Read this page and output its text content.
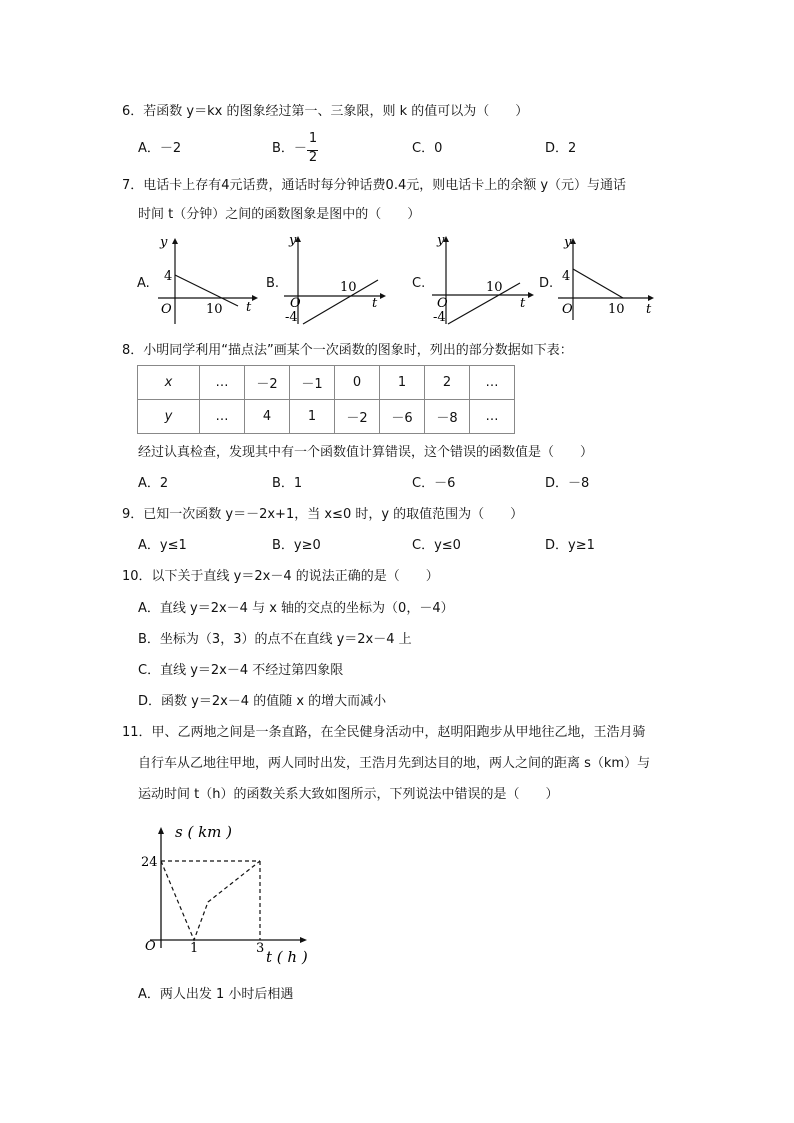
6．若函数 y＝kx 的图象经过第一、三象限，则 k 的值可以为（　　）
A．－2	B．－
1
2
C．0	D．2
7．电话卡上存有4元话费，通话时每分钟话费0.4元，则电话卡上的余额 y（元）与通话
时间 t（分钟）之间的函数图象是图中的（　　）
A.
y
t
O
4
10
B.
y
t
O
-4
10	C.
y
t
O
-4
10	D.
y
t
O
4
10
8．小明同学利用“描点法”画某个一次函数的图象时，列出的部分数据如下表：
x	…	－2	－1	0	1	2	…
y	…	4	1	－2	－6	－8	…
经过认真检查，发现其中有一个函数值计算错误，这个错误的函数值是（　　）
A．2	B．1	C．－6	D．－8
9．已知一次函数 y＝－2x+1，当 x≤0 时，y 的取值范围为（　　）
A．y≤1	B．y≥0	C．y≤0	D．y≥1
10．以下关于直线 y＝2x－4 的说法正确的是（　　）
A．直线 y＝2x－4 与 x 轴的交点的坐标为（0，－4）
B．坐标为（3，3）的点不在直线 y＝2x－4 上
C．直线 y＝2x－4 不经过第四象限
D．函数 y＝2x－4 的值随 x 的增大而减小
11．甲、乙两地之间是一条直路，在全民健身活动中，赵明阳跑步从甲地往乙地，王浩月骑
自行车从乙地往甲地，两人同时出发，王浩月先到达目的地，两人之间的距离 s（km）与
运动时间 t（h）的函数关系大致如图所示，下列说法中错误的是（　　）
s ( km )
t ( h )
O
24
1	3
A．两人出发 1 小时后相遇
